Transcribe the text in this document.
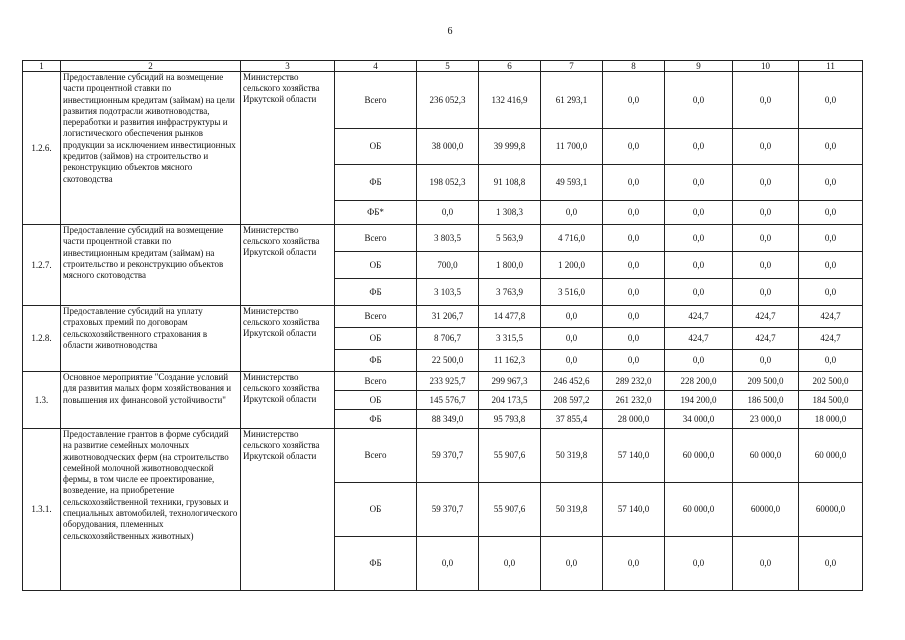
6
1	2	3	4	5	6	7	8	9	10	11
1.2.6.	Предоставление субсидий на возмещение части процентной ставки по инвестиционным кредитам (займам) на цели развития подотрасли животноводства, переработки и развития инфраструктуры и логистического обеспечения рынков продукции за исключением инвестиционных кредитов (займов) на строительство и реконструкцию объектов мясного скотоводства	Министерство сельского хозяйства Иркутской области	Всего	236 052,3	132 416,9	61 293,1	0,0	0,0	0,0	0,0
			ОБ	38 000,0	39 999,8	11 700,0	0,0	0,0	0,0	0,0
			ФБ	198 052,3	91 108,8	49 593,1	0,0	0,0	0,0	0,0
			ФБ*	0,0	1 308,3	0,0	0,0	0,0	0,0	0,0
1.2.7.	Предоставление субсидий на возмещение части процентной ставки по инвестиционным кредитам (займам) на строительство и реконструкцию объектов мясного скотоводства	Министерство сельского хозяйства Иркутской области	Всего	3 803,5	5 563,9	4 716,0	0,0	0,0	0,0	0,0
			ОБ	700,0	1 800,0	1 200,0	0,0	0,0	0,0	0,0
			ФБ	3 103,5	3 763,9	3 516,0	0,0	0,0	0,0	0,0
1.2.8.	Предоставление субсидий на уплату страховых премий по договорам сельскохозяйственного страхования в области животноводства	Министерство сельского хозяйства Иркутской области	Всего	31 206,7	14 477,8	0,0	0,0	424,7	424,7	424,7
			ОБ	8 706,7	3 315,5	0,0	0,0	424,7	424,7	424,7
			ФБ	22 500,0	11 162,3	0,0	0,0	0,0	0,0	0,0
1.3.	Основное мероприятие "Создание условий для развития малых форм хозяйствования и повышения их финансовой устойчивости"	Министерство сельского хозяйства Иркутской области	Всего	233 925,7	299 967,3	246 452,6	289 232,0	228 200,0	209 500,0	202 500,0
			ОБ	145 576,7	204 173,5	208 597,2	261 232,0	194 200,0	186 500,0	184 500,0
			ФБ	88 349,0	95 793,8	37 855,4	28 000,0	34 000,0	23 000,0	18 000,0
1.3.1.	Предоставление грантов в форме субсидий на развитие семейных молочных животноводческих ферм (на строительство семейной молочной животноводческой фермы, в том числе ее проектирование, возведение, на приобретение сельскохозяйственной техники, грузовых и специальных автомобилей, технологического оборудования, племенных сельскохозяйственных животных)	Министерство сельского хозяйства Иркутской области	Всего	59 370,7	55 907,6	50 319,8	57 140,0	60 000,0	60 000,0	60 000,0
			ОБ	59 370,7	55 907,6	50 319,8	57 140,0	60 000,0	60000,0	60000,0
			ФБ	0,0	0,0	0,0	0,0	0,0	0,0	0,0
